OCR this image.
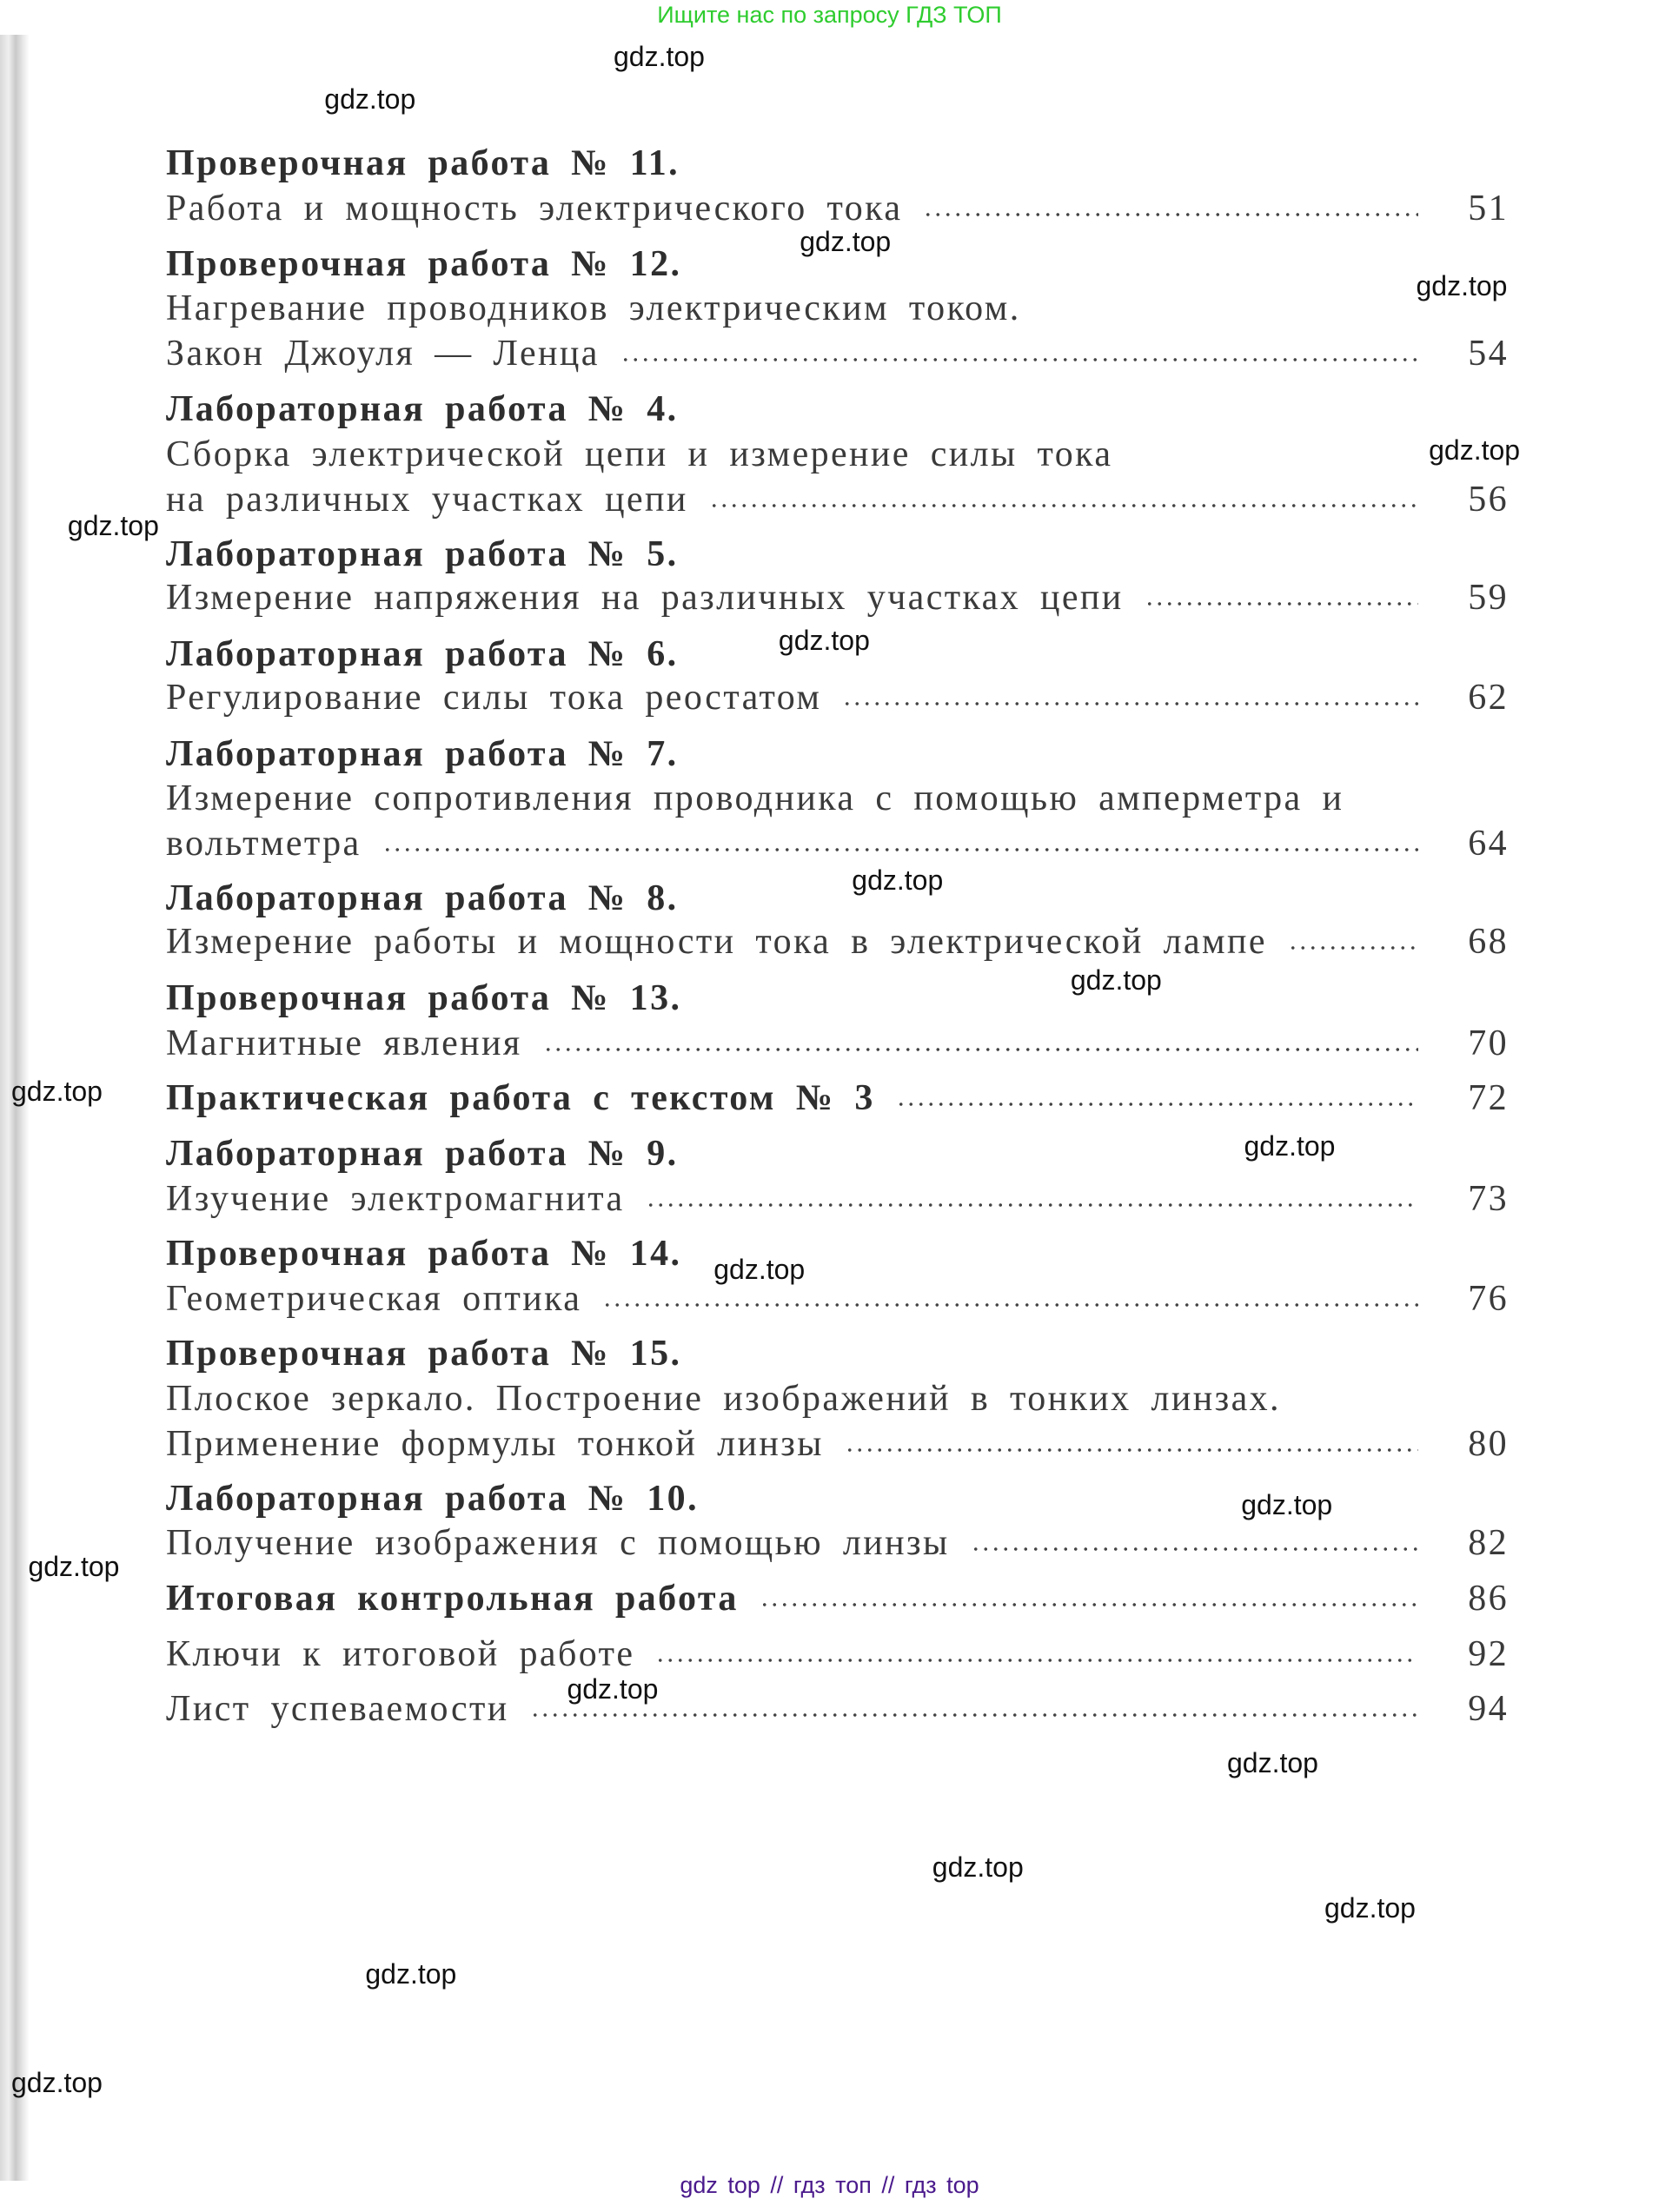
Ищите нас по запросу ГДЗ ТОП
Проверочная работа № 11.
Работа и мощность электрического тока	51
Проверочная работа № 12.
Нагревание проводников электрическим током.
Закон Джоуля — Ленца	54
Лабораторная работа № 4.
Сборка электрической цепи и измерение силы тока
на различных участках цепи	56
Лабораторная работа № 5.
Измерение напряжения на различных участках цепи	59
Лабораторная работа № 6.
Регулирование силы тока реостатом	62
Лабораторная работа № 7.
Измерение сопротивления проводника с помощью амперметра и
вольтметра	64
Лабораторная работа № 8.
Измерение работы и мощности тока в электрической лампе	68
Проверочная работа № 13.
Магнитные явления	70
Практическая работа с текстом № 3	72
Лабораторная работа № 9.
Изучение электромагнита	73
Проверочная работа № 14.
Геометрическая оптика	76
Проверочная работа № 15.
Плоское зеркало. Построение изображений в тонких линзах.
Применение формулы тонкой линзы	80
Лабораторная работа № 10.
Получение изображения с помощью линзы	82
Итоговая контрольная работа	86
Ключи к итоговой работе	92
Лист успеваемости	94
gdz.top
gdz.top
gdz.top
gdz.top
gdz.top
gdz.top
gdz.top
gdz.top
gdz.top
gdz.top
gdz.top
gdz.top
gdz.top
gdz.top
gdz.top
gdz.top
gdz.top
gdz.top
gdz.top
gdz.top
gdz top // гдз топ // гдз top
